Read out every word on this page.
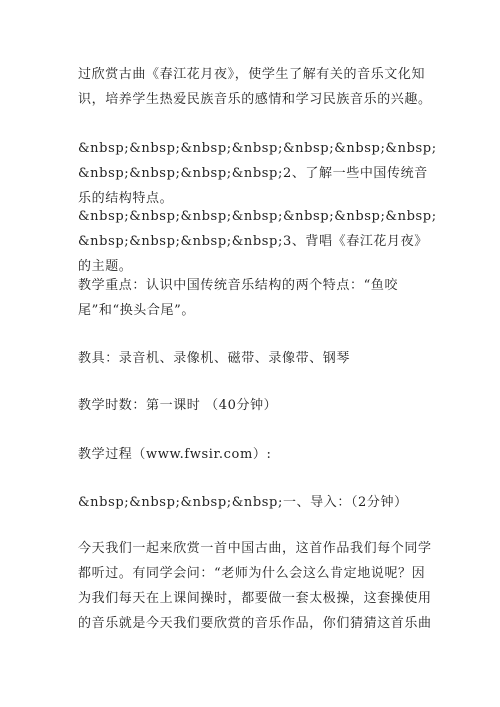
过欣赏古曲《春江花月夜》，使学生了解有关的音乐文化知识，培养学生热爱民族音乐的感情和学习民族音乐的兴趣。
&nbsp;&nbsp;&nbsp;&nbsp;&nbsp;&nbsp;&nbsp;&nbsp;&nbsp;&nbsp;&nbsp;2、了解一些中国传统音乐的结构特点。
&nbsp;&nbsp;&nbsp;&nbsp;&nbsp;&nbsp;&nbsp;&nbsp;&nbsp;&nbsp;&nbsp;3、背唱《春江花月夜》的主题。
教学重点：认识中国传统音乐结构的两个特点：“鱼咬尾”和“换头合尾”。
教具：录音机、录像机、磁带、录像带、钢琴
教学时数：第一课时 （40分钟）
教学过程（www.fwsir.com）:
&nbsp;&nbsp;&nbsp;&nbsp;一、导入：（2分钟）
今天我们一起来欣赏一首中国古曲，这首作品我们每个同学都听过。有同学会问：“老师为什么会这么肯定地说呢？因为我们每天在上课间操时，都要做一套太极操，这套操使用的音乐就是今天我们要欣赏的音乐作品，你们猜猜这首乐曲
